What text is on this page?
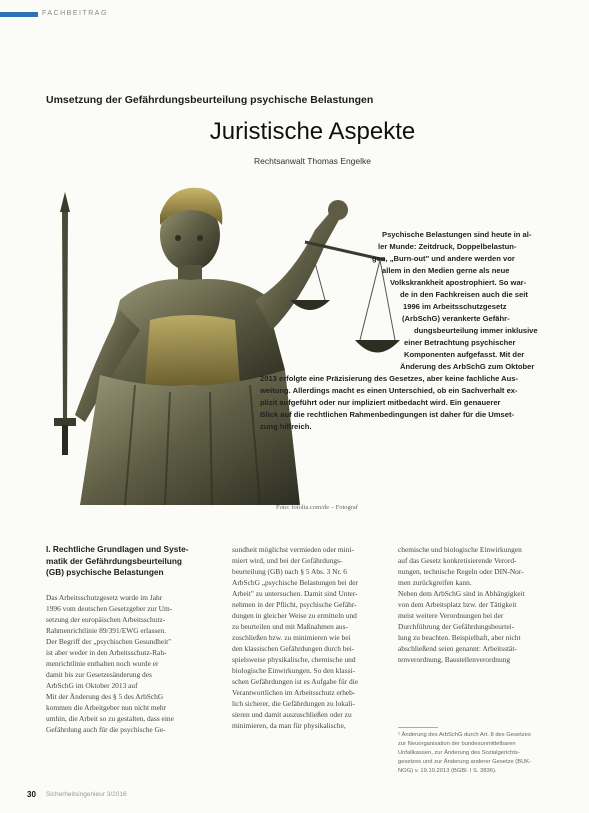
FACHBEITRAG
Umsetzung der Gefährdungsbeurteilung psychische Belastungen
Juristische Aspekte
Rechtsanwalt Thomas Engelke
Psychische Belastungen sind heute in al-
ler Munde: Zeitdruck, Doppelbelastun-
gen, „Burn-out" und andere werden vor
allem in den Medien gerne als neue
Volkskrankheit apostrophiert. So war-
de in den Fachkreisen auch die seit
1996 im Arbeitsschutzgesetz
(ArbSchG) verankerte Gefähr-
dungsbeurteilung immer inklusive
einer Betrachtung psychischer
Komponenten aufgefasst. Mit der
Änderung des ArbSchG zum Oktober
2013 erfolgte eine Präzisierung des Gesetzes, aber keine fachliche Aus-
weitung. Allerdings macht es einen Unterschied, ob ein Sachverhalt ex-
plizit aufgeführt oder nur impliziert mitbedacht wird. Ein genauerer
Blick auf die rechtlichen Rahmenbedingungen ist daher für die Umset-
zung hilfreich.
Foto: fotolia.com/de – Fotograf
I. Rechtliche Grundlagen und Syste-
matik der Gefährdungsbeurteilung
(GB) psychische Belastungen
Das Arbeitsschutzgesetz wurde im Jahr
1996 vom deutschen Gesetzgeber zur Um-
setzung der europäischen Arbeitsschutz-
Rahmenrichtlinie 89/391/EWG erlassen.
Der Begriff der „psychischen Gesundheit"
ist aber weder in den Arbeitsschutz-Rah-
menrichtlinie enthalten noch wurde er
damit bis zur Gesetzesänderung des
ArbSchG im Oktober 2013 auf
Mit der Änderung des § 5 des ArbSchG
kommen die Arbeitgeber nun nicht mehr
umhin, die Arbeit so zu gestalten, dass eine
Gefährdung auch für die psychische Ge-
sundheit möglichst vermieden oder mini-
miert wird, und bei der Gefährdungs-
beurteilung (GB) nach § 5 Abs. 3 Nr. 6
ArbSchG „psychische Belastungen bei der
Arbeit" zu untersuchen. Damit sind Unter-
nehmen in der Pflicht, psychische Gefähr-
dungen in gleicher Weise zu ermitteln und
zu beurteilen und mit Maßnahmen aus-
zuschließen bzw. zu minimieren wie bei
den klassischen Gefährdungen durch bei-
spielsweise physikalische, chemische und
biologische Einwirkungen. So den klassi-
schen Gefährdungen ist es Aufgabe für die
Verantwortlichen im Arbeitsschutz erheb-
lich sicherer, die Gefährdungen zu lokali-
sieren und damit auszuschließen oder zu
minimieren, da man für physikalische,
chemische und biologische Einwirkungen
auf das Gesetz konkretisierende Verord-
nungen, technische Regeln oder DIN-Nor-
men zurückgreifen kann.
Neben dem ArbSchG sind in Abhängigkeit
von dem Arbeitsplatz bzw. der Tätigkeit
meist weitere Verordnungen bei der
Durchführung der Gefährdungsbeurtei-
lung zu beachten. Beispielhaft, aber nicht
abschließend seien genannt: Arbeitsstät-
tenverordnung, Baustellenverordnung
¹ Änderung des ArbSchG durch Art. 8 des Gesetzes
zur Neuorganisation der bundesunmittelbaren
Unfallkassen, zur Änderung des Sozialgerichts-
gesetzes und zur Änderung anderer Gesetze (BUK-
NOG) v. 19.10.2013 (BGBl. I S. 3836).
30 Sicherheitsingenieur 3/2016
